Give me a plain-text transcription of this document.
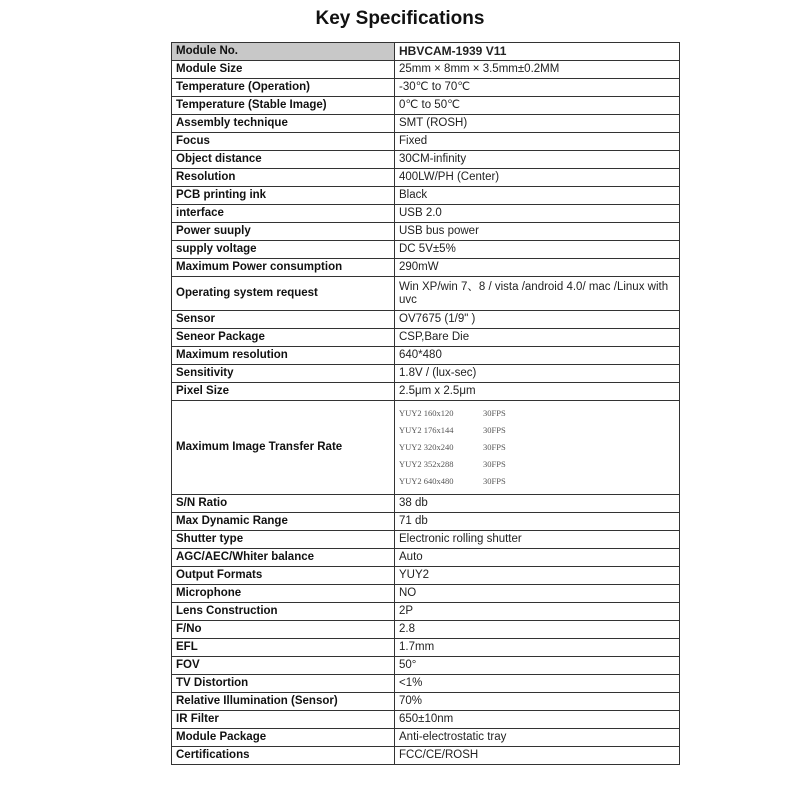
Key Specifications
Module No.	HBVCAM-1939 V11
Module Size	25mm × 8mm × 3.5mm±0.2MM
Temperature (Operation)	-30℃ to 70℃
Temperature (Stable Image)	0℃ to 50℃
Assembly technique	SMT (ROSH)
Focus	Fixed
Object distance	30CM-infinity
Resolution	400LW/PH (Center)
PCB printing ink	Black
interface	USB 2.0
Power suuply	USB bus power
supply voltage	DC 5V±5%
Maximum Power consumption	290mW
Operating system request	Win XP/win 7、8 / vista /android 4.0/ mac /Linux with uvc
Sensor	OV7675 (1/9" )
Seneor Package	CSP,Bare Die
Maximum resolution	640*480
Sensitivity	1.8V / (lux-sec)
Pixel Size	2.5μm x 2.5μm
Maximum Image Transfer Rate	YUY2 160x120 30FPS
YUY2 176x144 30FPS
YUY2 320x240 30FPS
YUY2 352x288 30FPS
YUY2 640x480 30FPS

S/N Ratio	38 db
Max Dynamic Range	71 db
Shutter type	Electronic rolling shutter
AGC/AEC/Whiter balance	Auto
Output Formats	YUY2
Microphone	NO
Lens Construction	2P
F/No	2.8
EFL	1.7mm
FOV	50°
TV Distortion	<1%
Relative Illumination (Sensor)	70%
IR Filter	650±10nm
Module Package	Anti-electrostatic tray
Certifications	FCC/CE/ROSH
